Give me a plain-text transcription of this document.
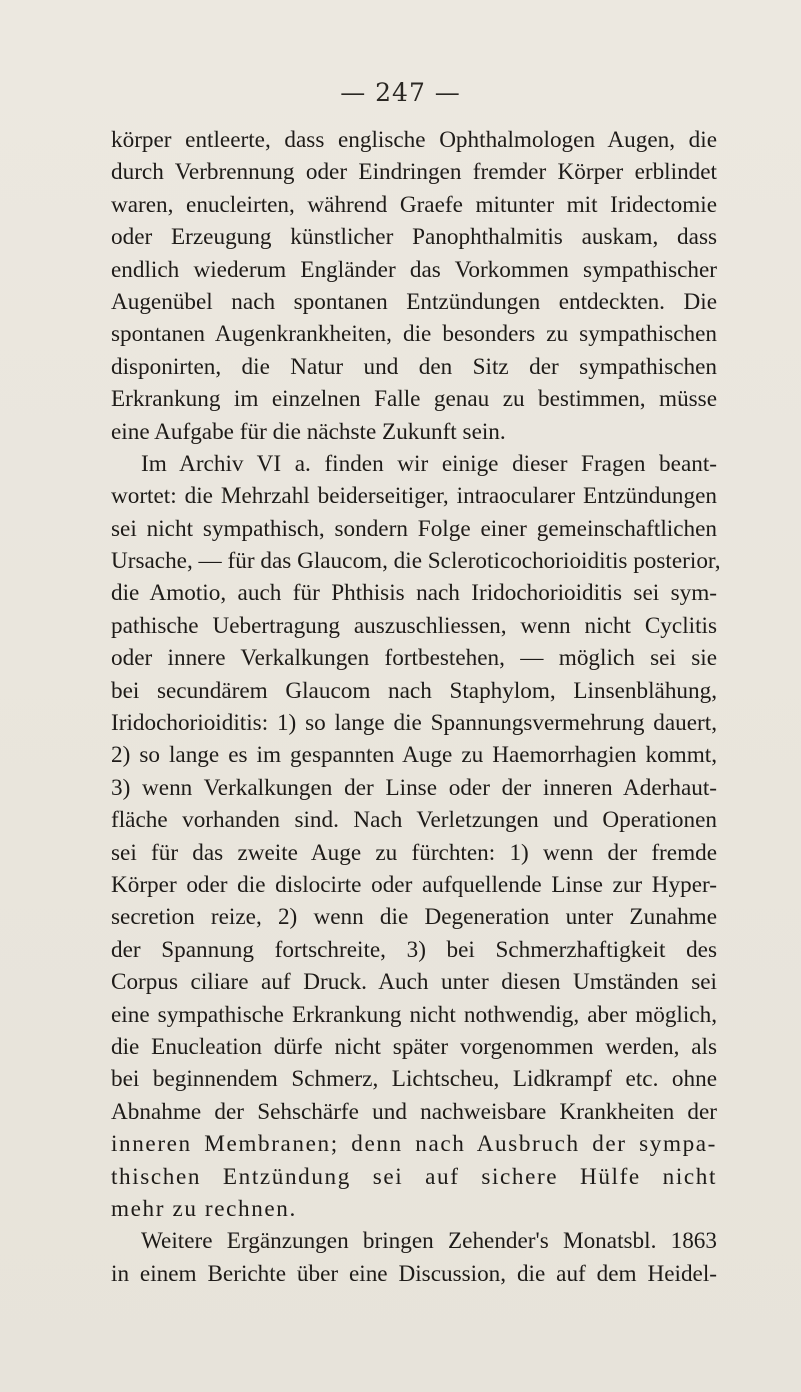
— 247 —
körper entleerte, dass englische Ophthalmologen Augen, die
durch Verbrennung oder Eindringen fremder Körper erblindet
waren, enucleirten, während Graefe mitunter mit Iridectomie
oder Erzeugung künstlicher Panophthalmitis auskam, dass
endlich wiederum Engländer das Vorkommen sympathischer
Augenübel nach spontanen Entzündungen entdeckten. Die
spontanen Augenkrankheiten, die besonders zu sympathischen
disponirten, die Natur und den Sitz der sympathischen
Erkrankung im einzelnen Falle genau zu bestimmen, müsse
eine Aufgabe für die nächste Zukunft sein.
Im Archiv VI a. finden wir einige dieser Fragen beant-
wortet: die Mehrzahl beiderseitiger, intraocularer Entzündungen
sei nicht sympathisch, sondern Folge einer gemeinschaftlichen
Ursache, — für das Glaucom, die Scleroticochorioiditis posterior,
die Amotio, auch für Phthisis nach Iridochorioiditis sei sym-
pathische Uebertragung auszuschliessen, wenn nicht Cyclitis
oder innere Verkalkungen fortbestehen, — möglich sei sie
bei secundärem Glaucom nach Staphylom, Linsenblähung,
Iridochorioiditis: 1) so lange die Spannungsvermehrung dauert,
2) so lange es im gespannten Auge zu Haemorrhagien kommt,
3) wenn Verkalkungen der Linse oder der inneren Aderhaut-
fläche vorhanden sind. Nach Verletzungen und Operationen
sei für das zweite Auge zu fürchten: 1) wenn der fremde
Körper oder die dislocirte oder aufquellende Linse zur Hyper-
secretion reize, 2) wenn die Degeneration unter Zunahme
der Spannung fortschreite, 3) bei Schmerzhaftigkeit des
Corpus ciliare auf Druck. Auch unter diesen Umständen sei
eine sympathische Erkrankung nicht nothwendig, aber möglich,
die Enucleation dürfe nicht später vorgenommen werden, als
bei beginnendem Schmerz, Lichtscheu, Lidkrampf etc. ohne
Abnahme der Sehschärfe und nachweisbare Krankheiten der
inneren Membranen; denn nach Ausbruch der sympa-
thischen Entzündung sei auf sichere Hülfe nicht
mehr zu rechnen.
Weitere Ergänzungen bringen Zehender's Monatsbl. 1863
in einem Berichte über eine Discussion, die auf dem Heidel-
